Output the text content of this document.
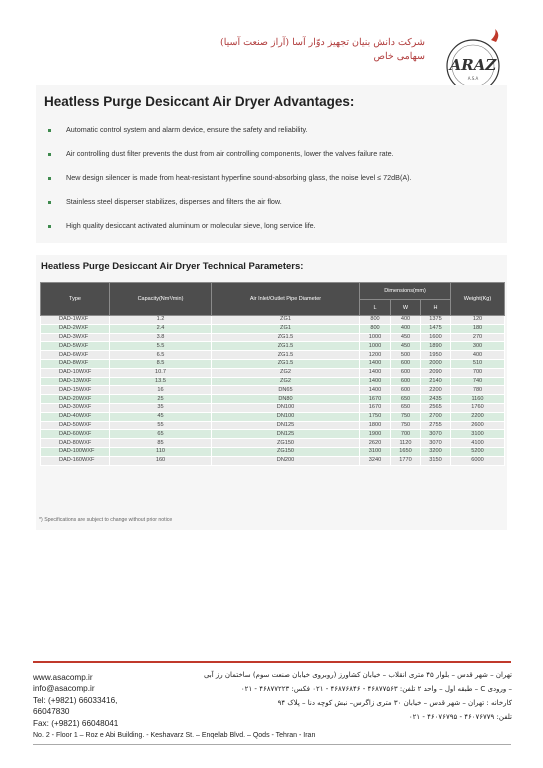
شرکت دانش بنیان تجهیز دوّار آسا (آراز صنعت آسیا)
سهامی خاص ARAZ
A.S.A
Heatless Purge Desiccant Air Dryer Advantages:
Automatic control system and alarm device, ensure the safety and reliability.
Air controlling dust filter prevents the dust from air controlling components, lower the valves failure rate.
New design silencer is made from heat-resistant hyperfine sound-absorbing glass, the noise level ≤ 72dB(A).
Stainless steel disperser stabilizes, disperses and filters the air flow.
High quality desiccant activated aluminum or molecular sieve, long service life.
Heatless Purge Desiccant Air Dryer Technical Parameters:
Type	Capacity(Nm³/min)	Air Inlet/Outlet Pipe Diameter	Dimensions(mm)			Weight(Kg)
			L	W	H	
DAD-1WXF	1.2	ZG1	800	400	1375	120
DAD-2WXF	2.4	ZG1	800	400	1475	180
DAD-3WXF	3.8	ZG1.5	1000	450	1600	270
DAD-5WXF	5.5	ZG1.5	1000	450	1890	300
DAD-6WXF	6.5	ZG1.5	1200	500	1950	400
DAD-8WXF	8.5	ZG1.5	1400	600	2000	510
DAD-10WXF	10.7	ZG2	1400	600	2090	700
DAD-13WXF	13.5	ZG2	1400	600	2140	740
DAD-15WXF	16	DN65	1400	600	2200	780
DAD-20WXF	25	DN80	1670	650	2435	1160
DAD-30WXF	35	DN100	1670	650	2565	1760
DAD-40WXF	45	DN100	1750	750	2700	2200
DAD-50WXF	55	DN125	1800	750	2755	2600
DAD-60WXF	65	DN125	1900	700	3070	3100
DAD-80WXF	85	ZG150	2620	1120	3070	4100
DAD-100WXF	110	ZG150	3100	1650	3200	5200
DAD-160WXF	160	DN200	3240	1770	3150	6000
*) Specifications are subject to change without prior notice
www.asacomp.ir
info@asacomp.ir
Tel: (+9821) 66033416,
66047830
Fax: (+9821) 66048041
تهران – شهر قدس – بلوار ۴۵ متری انقلاب – خیابان کشاورز (روبروی خیابان صنعت سوم) ساختمان رز آبی
– ورودی C – طبقه اول – واحد ۲ تلفن: ۴۶۸۷۷۵۶۳ - ۴۶۸۷۶۸۴۶ - ۰۲۱ فکس: ۴۶۸۷۷۲۲۳ - ۰۲۱
کارخانه : تهران – شهر قدس – خیابان ۳۰ متری زاگرس– نبش کوچه دنا – پلاک ۹۴
تلفن: ۴۶۰۷۶۷۷۹ - ۴۶۰۷۶۷۹۵ - ۰۲۱
No. 2 - Floor 1 – Roz e Abi Building. - Keshavarz St. – Enqelab Blvd. – Qods - Tehran - Iran
